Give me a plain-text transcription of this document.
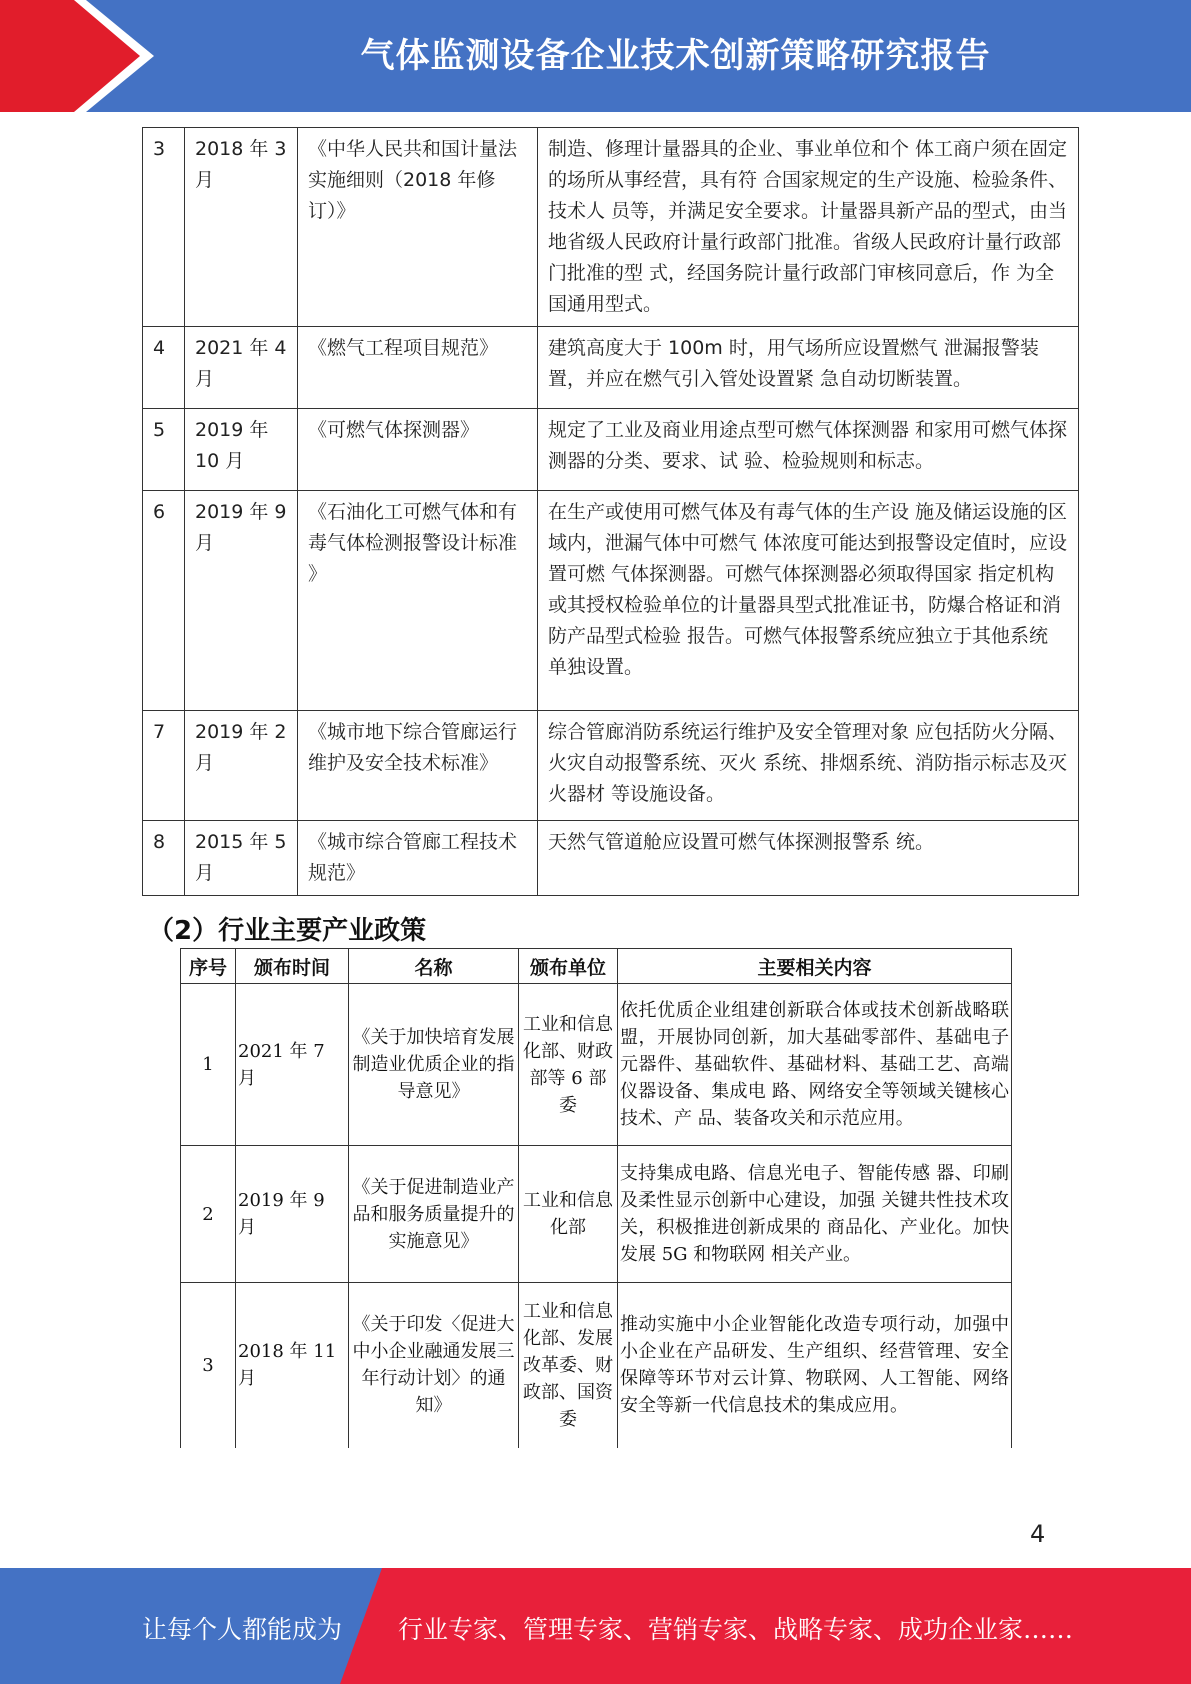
气体监测设备企业技术创新策略研究报告
3	2018 年 3 月	《中华人民共和国计量法 实施细则（2018 年修 订）》	制造、修理计量器具的企业、事业单位和个 体工商户须在固定的场所从事经营，具有符 合国家规定的生产设施、检验条件、技术人 员等，并满足安全要求。计量器具新产品的型式，由当地省级人民政府计量行政部门批准。省级人民政府计量行政部门批准的型 式，经国务院计量行政部门审核同意后，作 为全国通用型式。
4	2021 年 4 月	《燃气工程项目规范》	建筑高度大于 100m 时，用气场所应设置燃气 泄漏报警装置，并应在燃气引入管处设置紧 急自动切断装置。
5	2019 年 10 月	《可燃气体探测器》	规定了工业及商业用途点型可燃气体探测器 和家用可燃气体探测器的分类、要求、试 验、检验规则和标志。
6	2019 年 9 月	《石油化工可燃气体和有 毒气体检测报警设计标准 》	在生产或使用可燃气体及有毒气体的生产设 施及储运设施的区域内，泄漏气体中可燃气 体浓度可能达到报警设定值时，应设置可燃 气体探测器。可燃气体探测器必须取得国家 指定机构或其授权检验单位的计量器具型式批准证书，防爆合格证和消防产品型式检验 报告。可燃气体报警系统应独立于其他系统 单独设置。
7	2019 年 2 月	《城市地下综合管廊运行 维护及安全技术标准》	综合管廊消防系统运行维护及安全管理对象 应包括防火分隔、火灾自动报警系统、灭火 系统、排烟系统、消防指示标志及灭火器材 等设施设备。
8	2015 年 5 月	《城市综合管廊工程技术 规范》	天然气管道舱应设置可燃气体探测报警系 统。
（2）行业主要产业政策
序号	颁布时间	名称	颁布单位	主要相关内容
1	2021 年 7 月	《关于加快培育发展制造业优质企业的指导意见》	工业和信息化部、财政部等 6 部委	依托优质企业组建创新联合体或技术创新战略联盟，开展协同创新，加大基础零部件、基础电子元器件、基础软件、基础材料、基础工艺、高端仪器设备、集成电 路、网络安全等领域关键核心技术、产 品、装备攻关和示范应用。
2	2019 年 9 月	《关于促进制造业产品和服务质量提升的实施意见》	工业和信息化部	支持集成电路、信息光电子、智能传感 器、印刷及柔性显示创新中心建设，加强 关键共性技术攻关，积极推进创新成果的 商品化、产业化。加快发展 5G 和物联网 相关产业。
3	2018 年 11 月	《关于印发〈促进大中小企业融通发展三年行动计划〉的通知》	工业和信息化部、发展改革委、财政部、国资委	推动实施中小企业智能化改造专项行动，加强中小企业在产品研发、生产组织、经营管理、安全保障等环节对云计算、物联网、人工智能、网络安全等新一代信息技术的集成应用。
4
让每个人都能成为 行业专家、管理专家、营销专家、战略专家、成功企业家……
